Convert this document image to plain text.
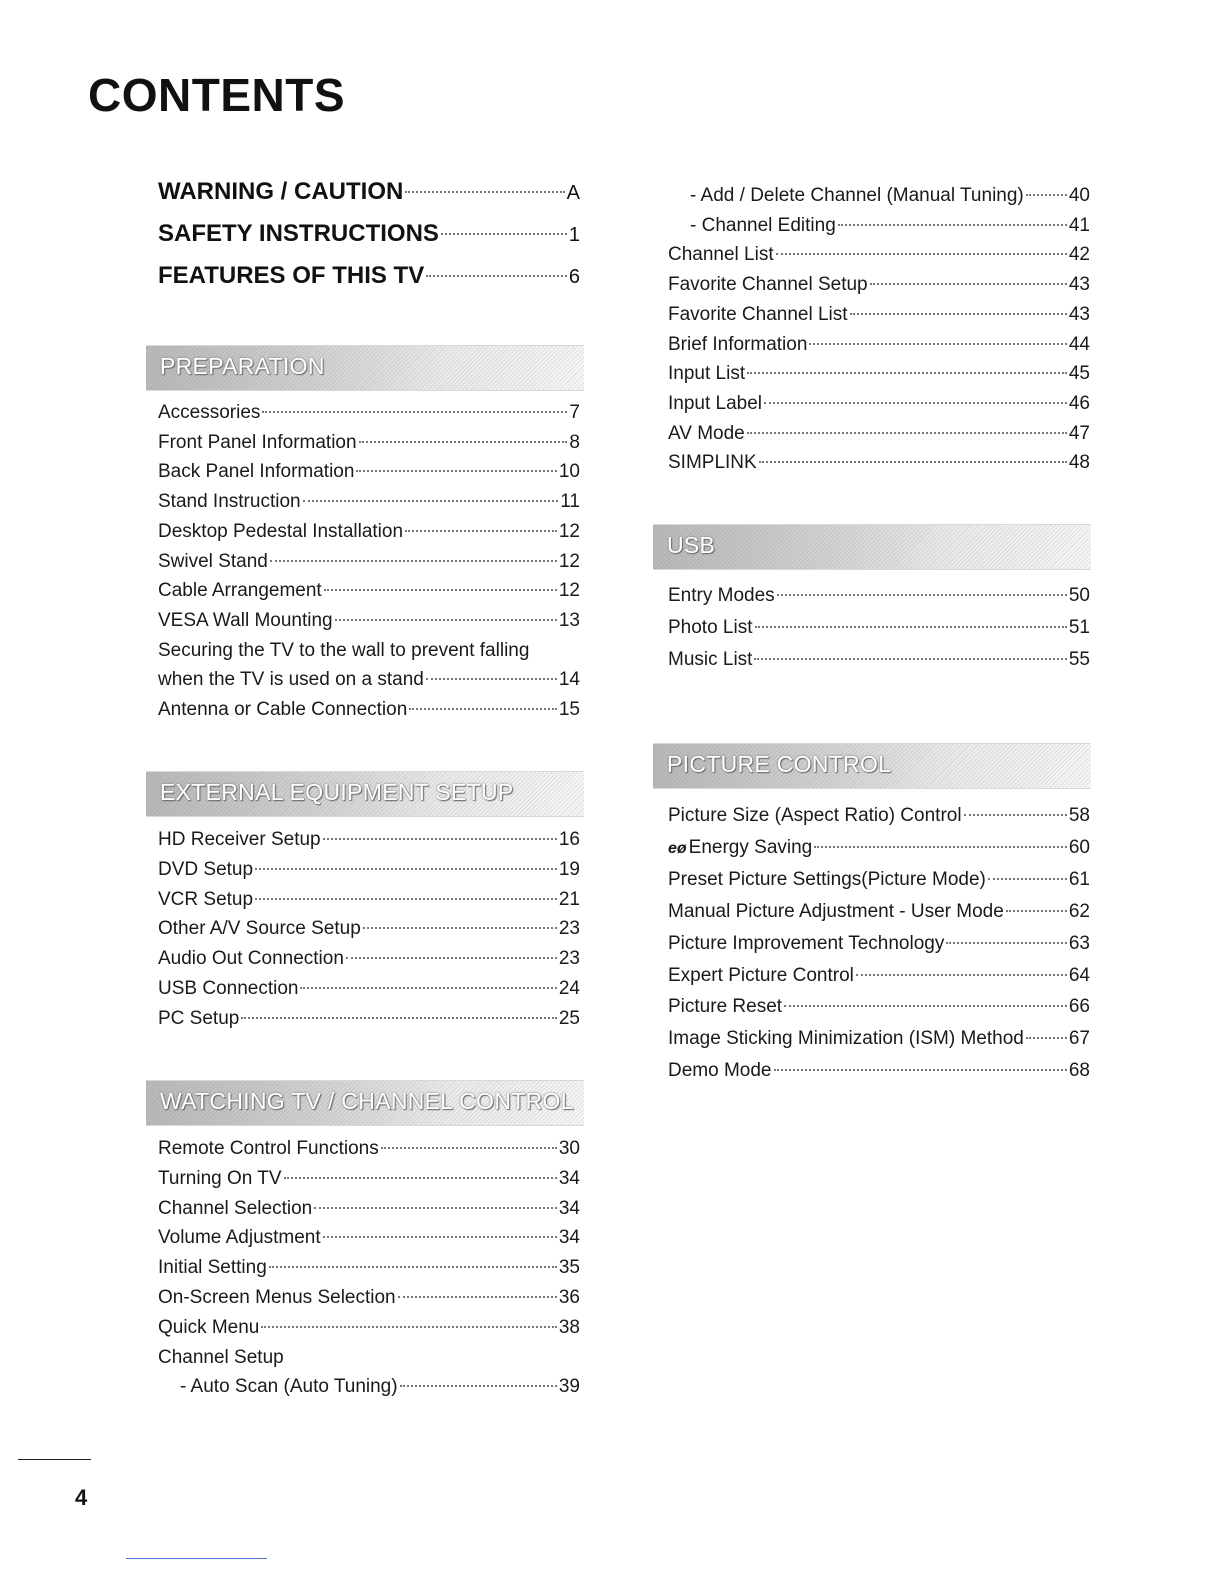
CONTENTS
WARNING / CAUTION	A
SAFETY INSTRUCTIONS	1
FEATURES OF THIS TV	6
PREPARATION
Accessories	7
Front Panel Information	8
Back Panel Information	10
Stand Instruction	11
Desktop Pedestal Installation	12
Swivel Stand	12
Cable Arrangement	12
VESA Wall Mounting	13
Securing the TV to the wall to prevent falling
when the TV is used on a stand	14
Antenna or Cable Connection	15
EXTERNAL EQUIPMENT SETUP
HD Receiver Setup	16
DVD Setup	19
VCR Setup	21
Other A/V Source Setup	23
Audio Out Connection	23
USB Connection	24
PC Setup	25
WATCHING TV / CHANNEL CONTROL
Remote Control Functions	30
Turning On TV	34
Channel Selection	34
Volume Adjustment	34
Initial Setting	35
On-Screen Menus Selection	36
Quick Menu	38
Channel Setup
- Auto Scan (Auto Tuning)	39
- Add / Delete Channel (Manual Tuning) 40
- Channel Editing	41
Channel List	42
Favorite Channel Setup	43
Favorite Channel List	43
Brief Information	44
Input List	45
Input Label	46
AV Mode	47
SIMPLINK	48
USB
Entry Modes	50
Photo List	51
Music List	55
PICTURE CONTROL
Picture Size (Aspect Ratio) Control	58
eø Energy Saving	60
Preset Picture Settings(Picture Mode)	61
Manual Picture Adjustment - User Mode	62
Picture Improvement Technology	63
Expert Picture Control	64
Picture Reset	66
Image Sticking Minimization (ISM) Method 67
Demo Mode	68
4
